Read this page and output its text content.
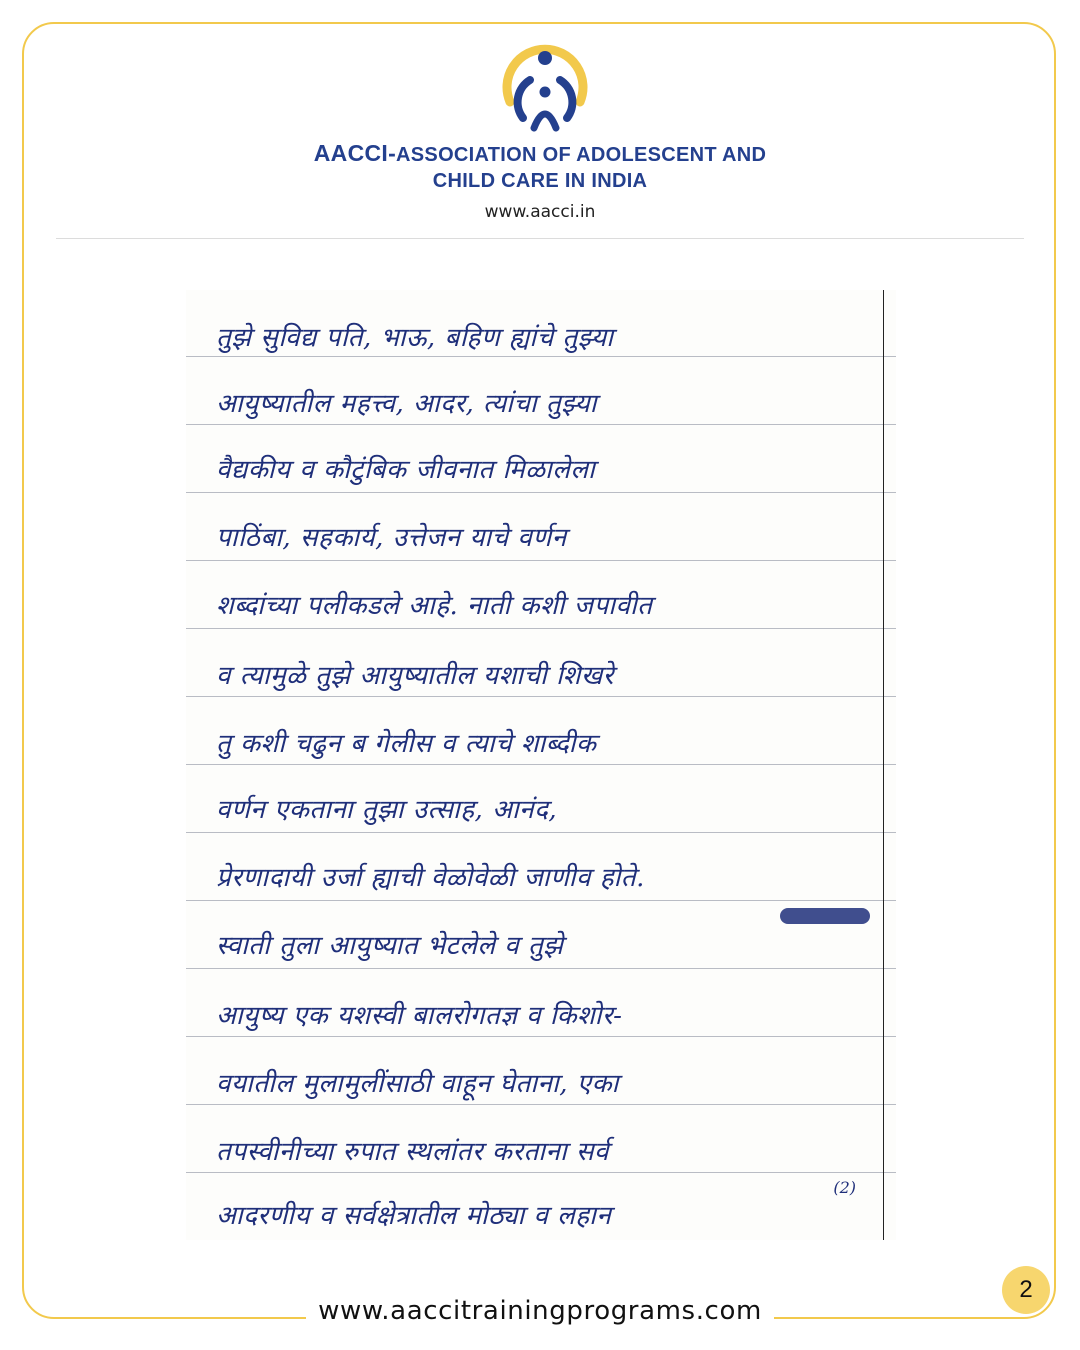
AACCI-ASSOCIATION OF ADOLESCENT AND
CHILD CARE IN INDIA
www.aacci.in
तुझे सुविद्य पति, भाऊ, बहिण ह्यांचे तुझ्या
आयुष्यातील महत्त्व, आदर, त्यांचा तुझ्या
वैद्यकीय व कौटुंबिक जीवनात मिळालेला
पाठिंबा, सहकार्य, उत्तेजन याचे वर्णन
शब्दांच्या पलीकडले आहे. नाती कशी जपावीत
व त्यामुळे तुझे आयुष्यातील यशाची शिखरे
तु कशी चढुन ब गेलीस व त्याचे शाब्दीक
वर्णन एकताना तुझा उत्साह, आनंद,
प्रेरणादायी उर्जा ह्याची वेळोवेळी जाणीव होते.
स्वाती तुला आयुष्यात भेटलेले व तुझे
आयुष्य एक यशस्वी बालरोगतज्ञ व किशोर-
वयातील मुलामुलींसाठी वाहून घेताना, एका
तपस्वीनीच्या रुपात स्थलांतर करताना सर्व
(2)
आदरणीय व सर्वक्षेत्रातील मोठ्या व लहान
www.aaccitrainingprograms.com
2
